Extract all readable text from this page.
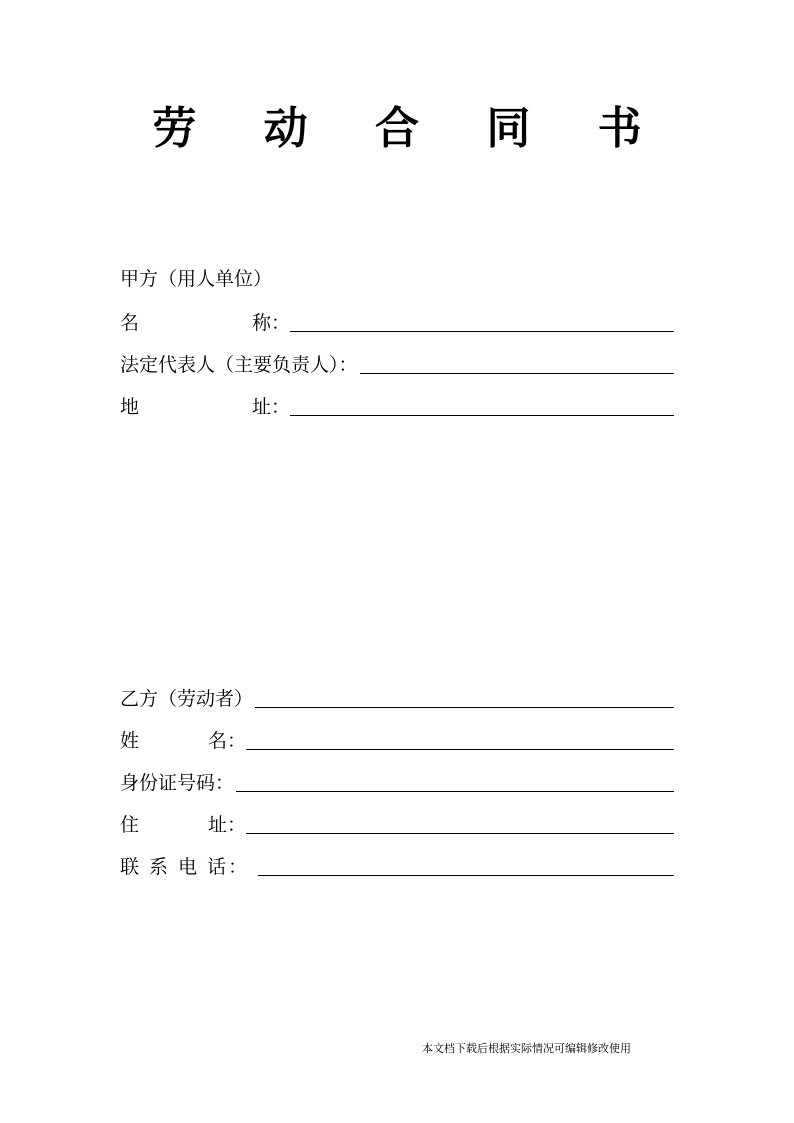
劳 动 合 同 书
甲方（用人单位）
名	称：
法定代表人（主要负责人）：
地	址：
乙方（劳动者）
姓	名：
身份证号码：
住	址：
联 系 电 话：
本文档下载后根据实际情况可编辑修改使用
